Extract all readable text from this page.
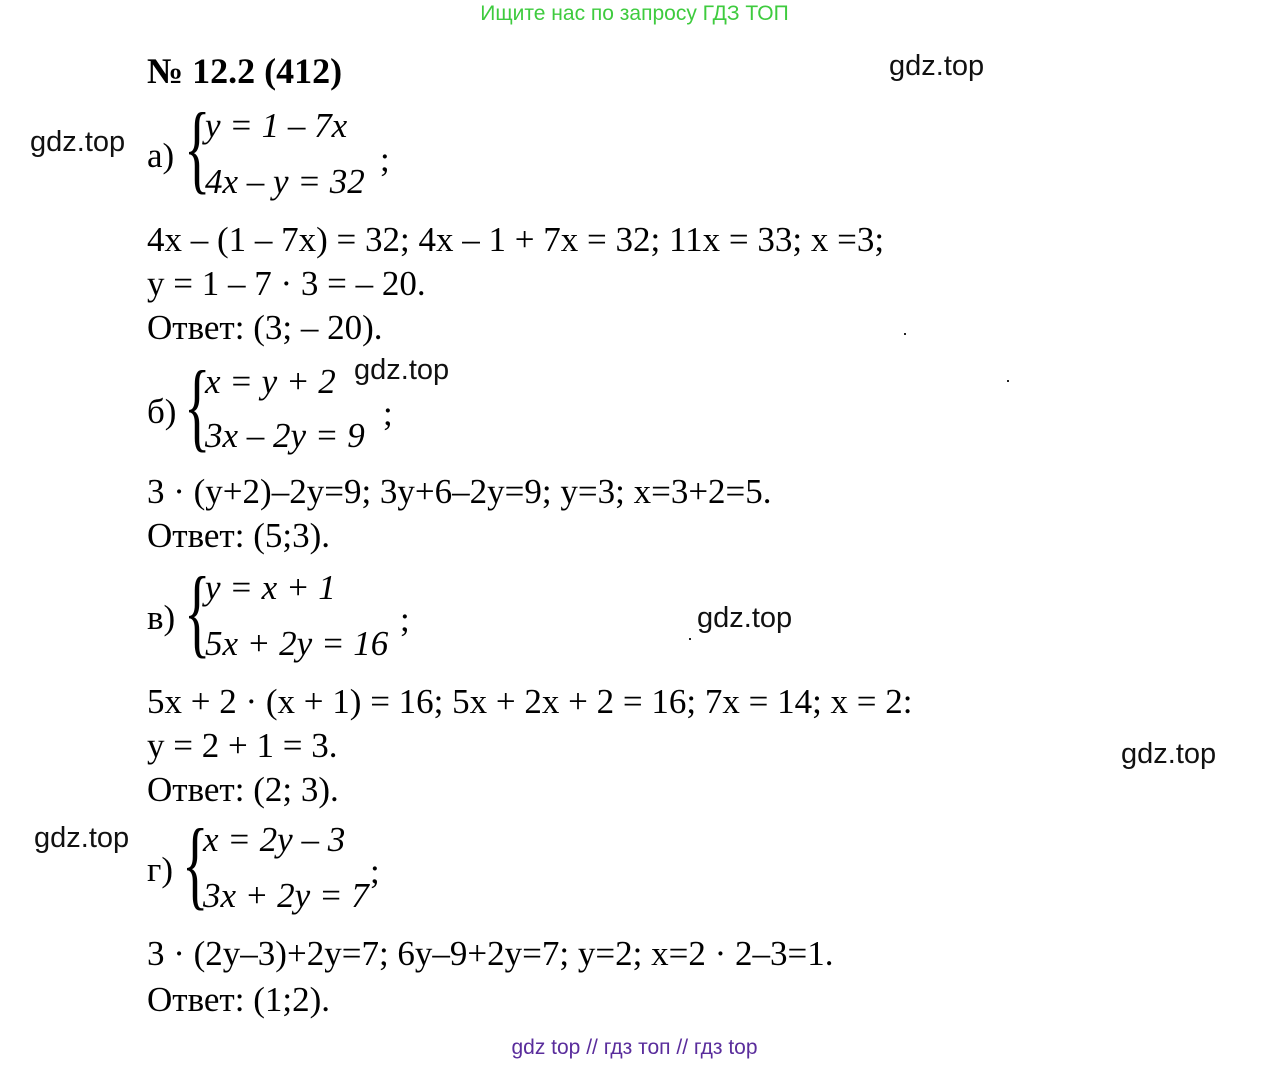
Ищите нас по запросу ГДЗ ТОП
№ 12.2 (412)	gdz.top
gdz.top
gdz.top
gdz.top
gdz.top
gdz.top
а) {
y = 1 – 7x
4x – y = 32
;
4x – (1 – 7x) = 32; 4x – 1 + 7x = 32; 11x = 33; x =3;
y = 1 – 7 · 3 = – 20.
Ответ: (3; – 20).
б) {
x = y + 2
3x – 2y = 9
;
3 · (y+2)–2y=9; 3y+6–2y=9; y=3; x=3+2=5.
Ответ: (5;3).
в) {
y = x + 1
5x + 2y = 16
;
5x + 2 · (x + 1) = 16; 5x + 2x + 2 = 16; 7x = 14; x = 2:
y = 2 + 1 = 3.
Ответ: (2; 3).
г) {
x = 2y – 3
3x + 2y = 7
;
3 · (2y–3)+2y=7; 6y–9+2y=7; y=2; x=2 · 2–3=1.
Ответ: (1;2).
gdz top // гдз топ // гдз top
